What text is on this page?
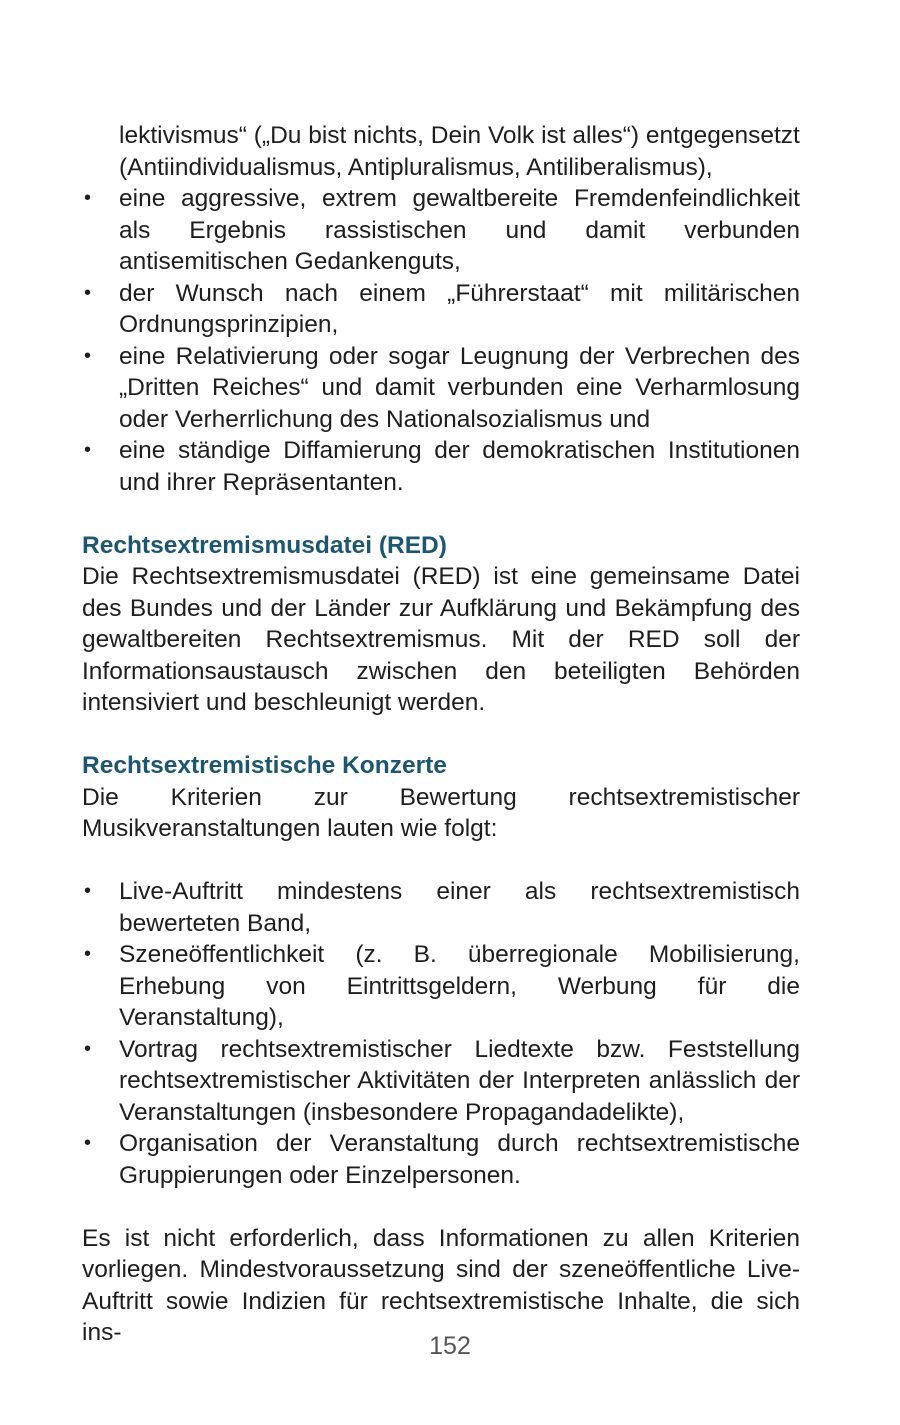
lektivismus“ („Du bist nichts, Dein Volk ist alles“) entgegensetzt
(Antiindividualismus, Antipluralismus, Antiliberalismus),
• eine aggressive, extrem gewaltbereite Fremdenfeindlichkeit als Ergebnis rassistischen und damit verbunden antisemitischen Gedankenguts,
• der Wunsch nach einem „Führerstaat“ mit militärischen Ordnungsprinzipien,
• eine Relativierung oder sogar Leugnung der Verbrechen des „Dritten Reiches“ und damit verbunden eine Verharmlosung oder Verherrlichung des Nationalsozialismus und
• eine ständige Diffamierung der demokratischen Institutionen und ihrer Repräsentanten.
Rechtsextremismusdatei (RED)
Die Rechtsextremismusdatei (RED) ist eine gemeinsame Datei des Bundes und der Länder zur Aufklärung und Bekämpfung des gewaltbereiten Rechtsextremismus. Mit der RED soll der Informationsaustausch zwischen den beteiligten Behörden intensiviert und beschleunigt werden.
Rechtsextremistische Konzerte
Die Kriterien zur Bewertung rechtsextremistischer Musikveranstaltungen lauten wie folgt:
• Live-Auftritt mindestens einer als rechtsextremistisch bewerteten Band,
• Szeneöffentlichkeit (z. B. überregionale Mobilisierung, Erhebung von Eintrittsgeldern, Werbung für die Veranstaltung),
• Vortrag rechtsextremistischer Liedtexte bzw. Feststellung rechtsextremistischer Aktivitäten der Interpreten anlässlich der Veranstaltungen (insbesondere Propagandadelikte),
• Organisation der Veranstaltung durch rechtsextremistische Gruppierungen oder Einzelpersonen.
Es ist nicht erforderlich, dass Informationen zu allen Kriterien vorliegen. Mindestvoraussetzung sind der szeneöffentliche Live-Auftritt sowie Indizien für rechtsextremistische Inhalte, die sich ins-	152
